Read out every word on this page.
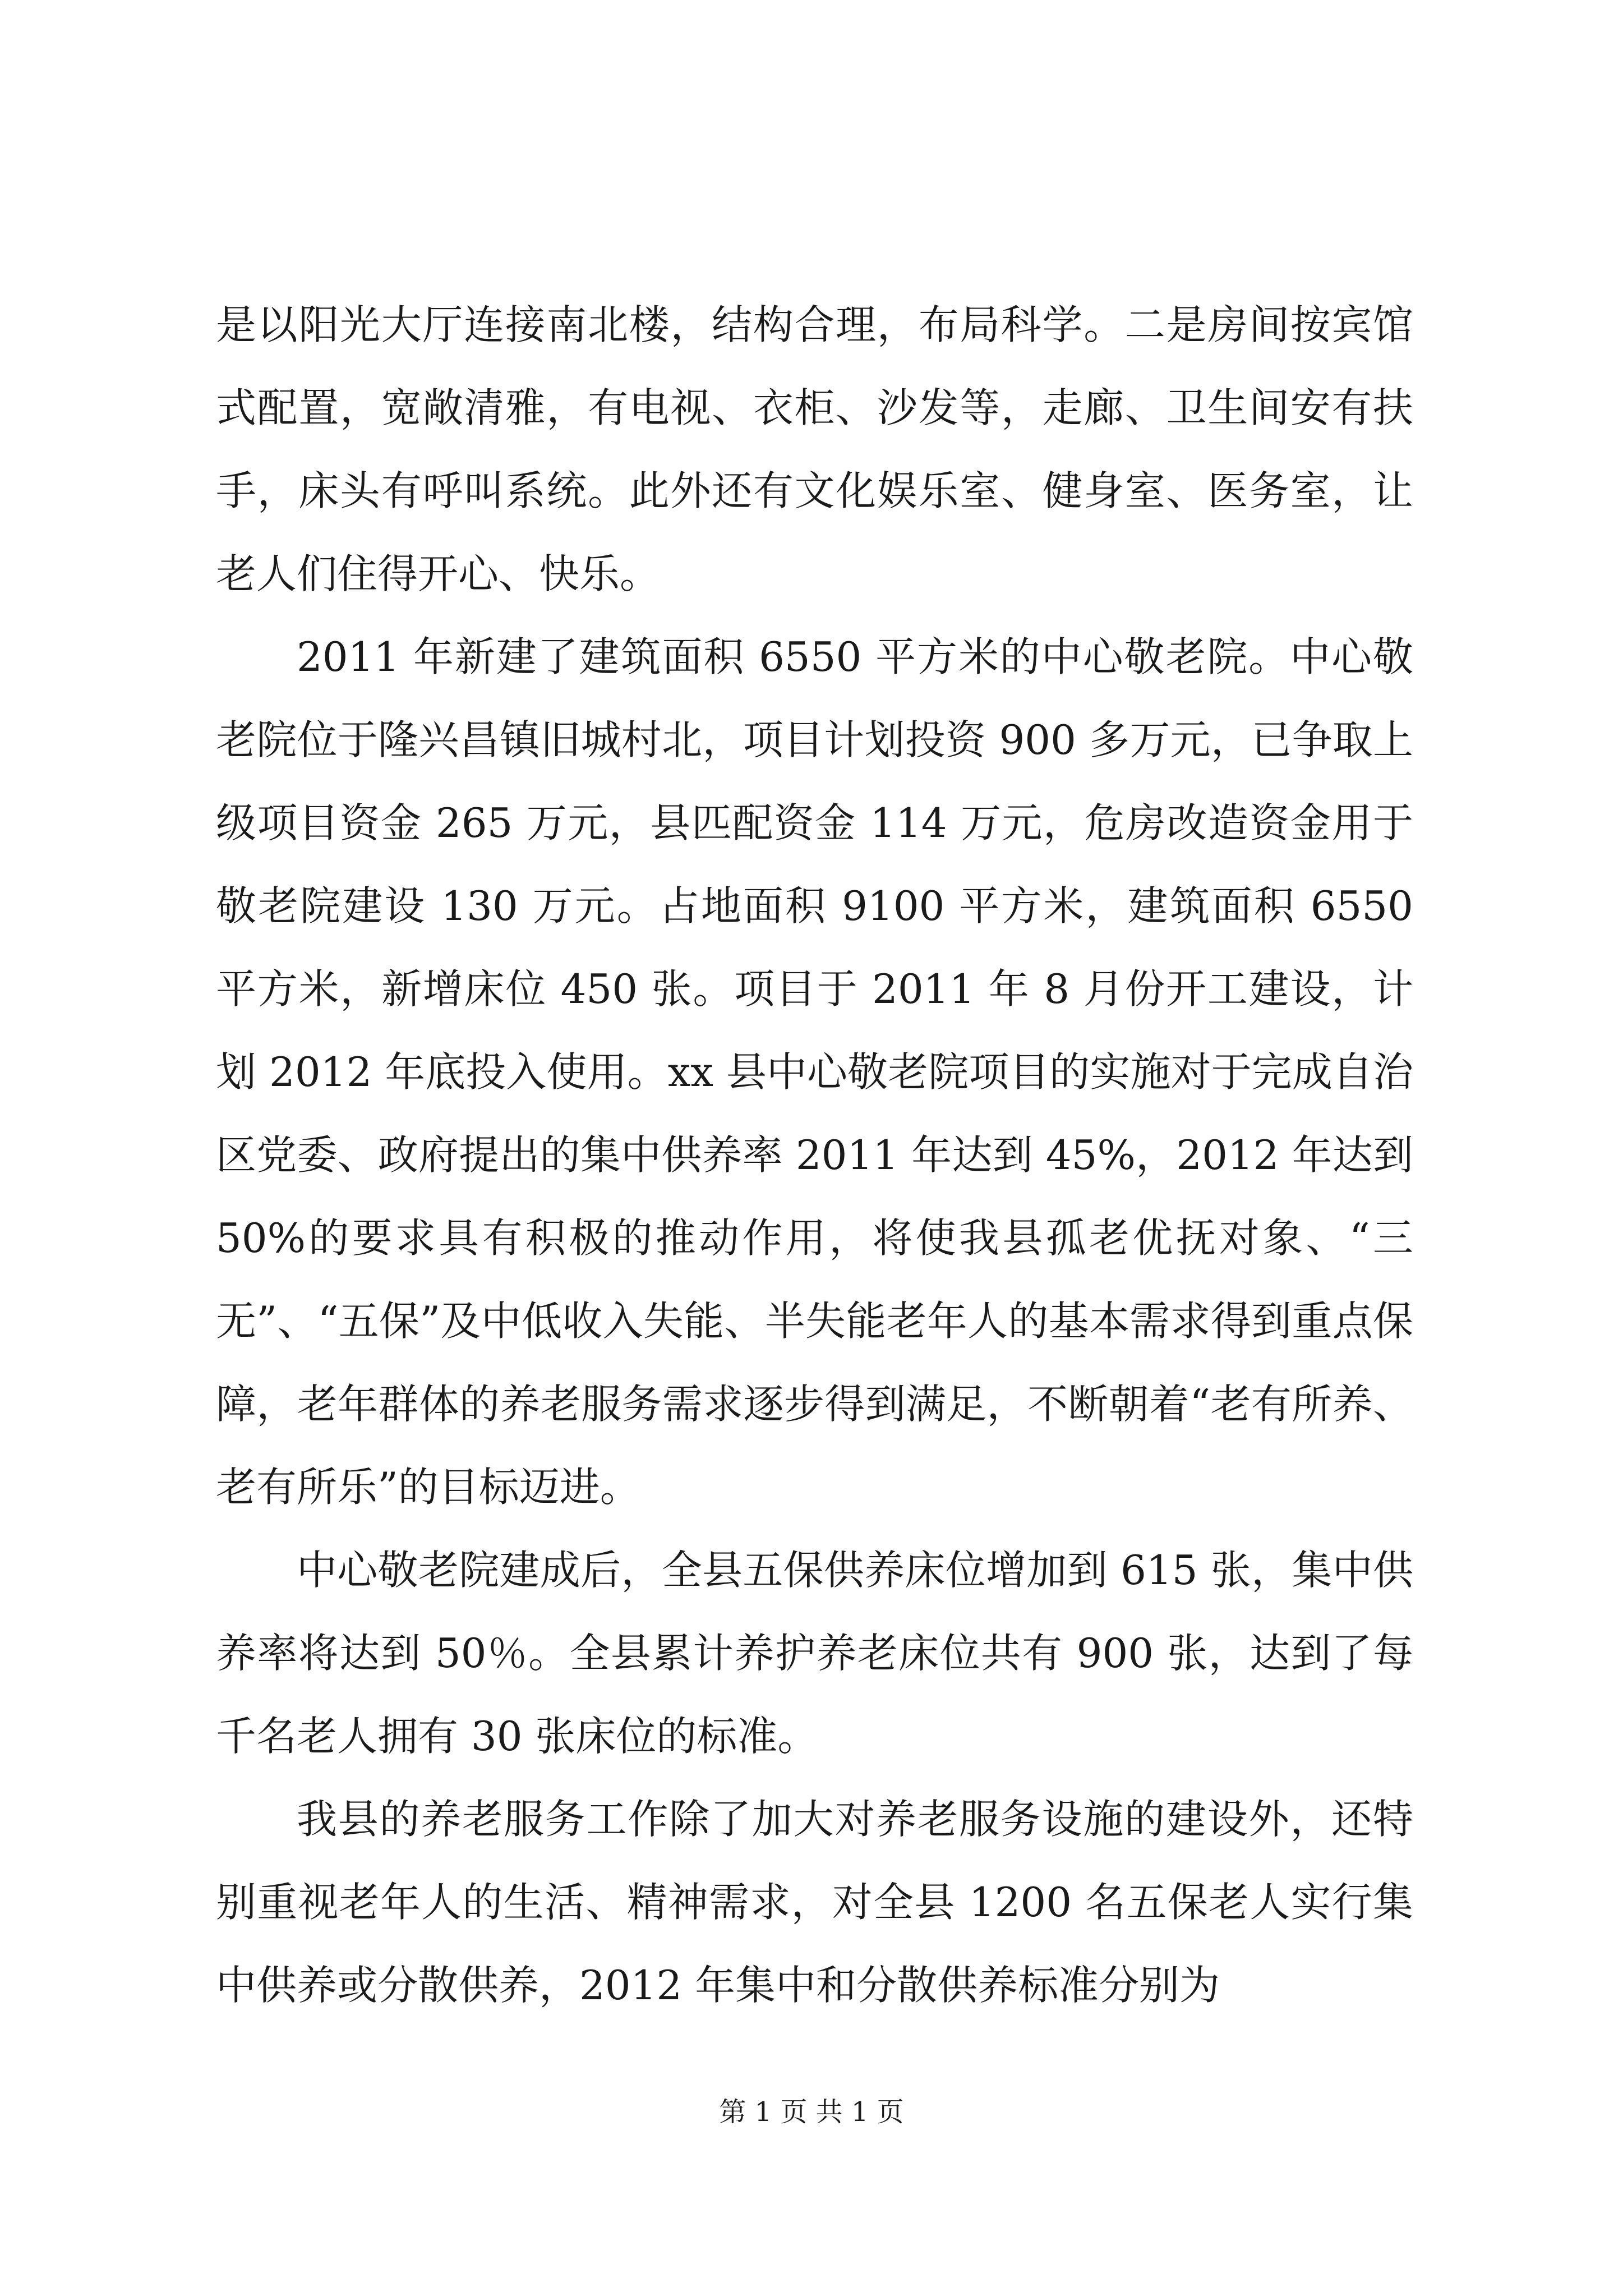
是以阳光大厅连接南北楼，结构合理，布局科学。二是房间按宾馆式配置，宽敞清雅，有电视、衣柜、沙发等，走廊、卫生间安有扶手，床头有呼叫系统。此外还有文化娱乐室、健身室、医务室，让老人们住得开心、快乐。

2011 年新建了建筑面积 6550 平方米的中心敬老院。中心敬老院位于隆兴昌镇旧城村北，项目计划投资 900 多万元，已争取上级项目资金 265 万元，县匹配资金 114 万元，危房改造资金用于敬老院建设 130 万元。占地面积 9100 平方米，建筑面积 6550 平方米，新增床位 450 张。项目于 2011 年 8 月份开工建设，计划 2012 年底投入使用。xx 县中心敬老院项目的实施对于完成自治区党委、政府提出的集中供养率 2011 年达到 45%，2012 年达到 50%的要求具有积极的推动作用，将使我县孤老优抚对象、“三无”、“五保”及中低收入失能、半失能老年人的基本需求得到重点保障，老年群体的养老服务需求逐步得到满足，不断朝着“老有所养、老有所乐”的目标迈进。

中心敬老院建成后，全县五保供养床位增加到 615 张，集中供养率将达到 50％。全县累计养护养老床位共有 900 张，达到了每千名老人拥有 30 张床位的标准。

我县的养老服务工作除了加大对养老服务设施的建设外，还特别重视老年人的生活、精神需求，对全县 1200 名五保老人实行集中供养或分散供养，2012 年集中和分散供养标准分别为

第 1 页 共 1 页
